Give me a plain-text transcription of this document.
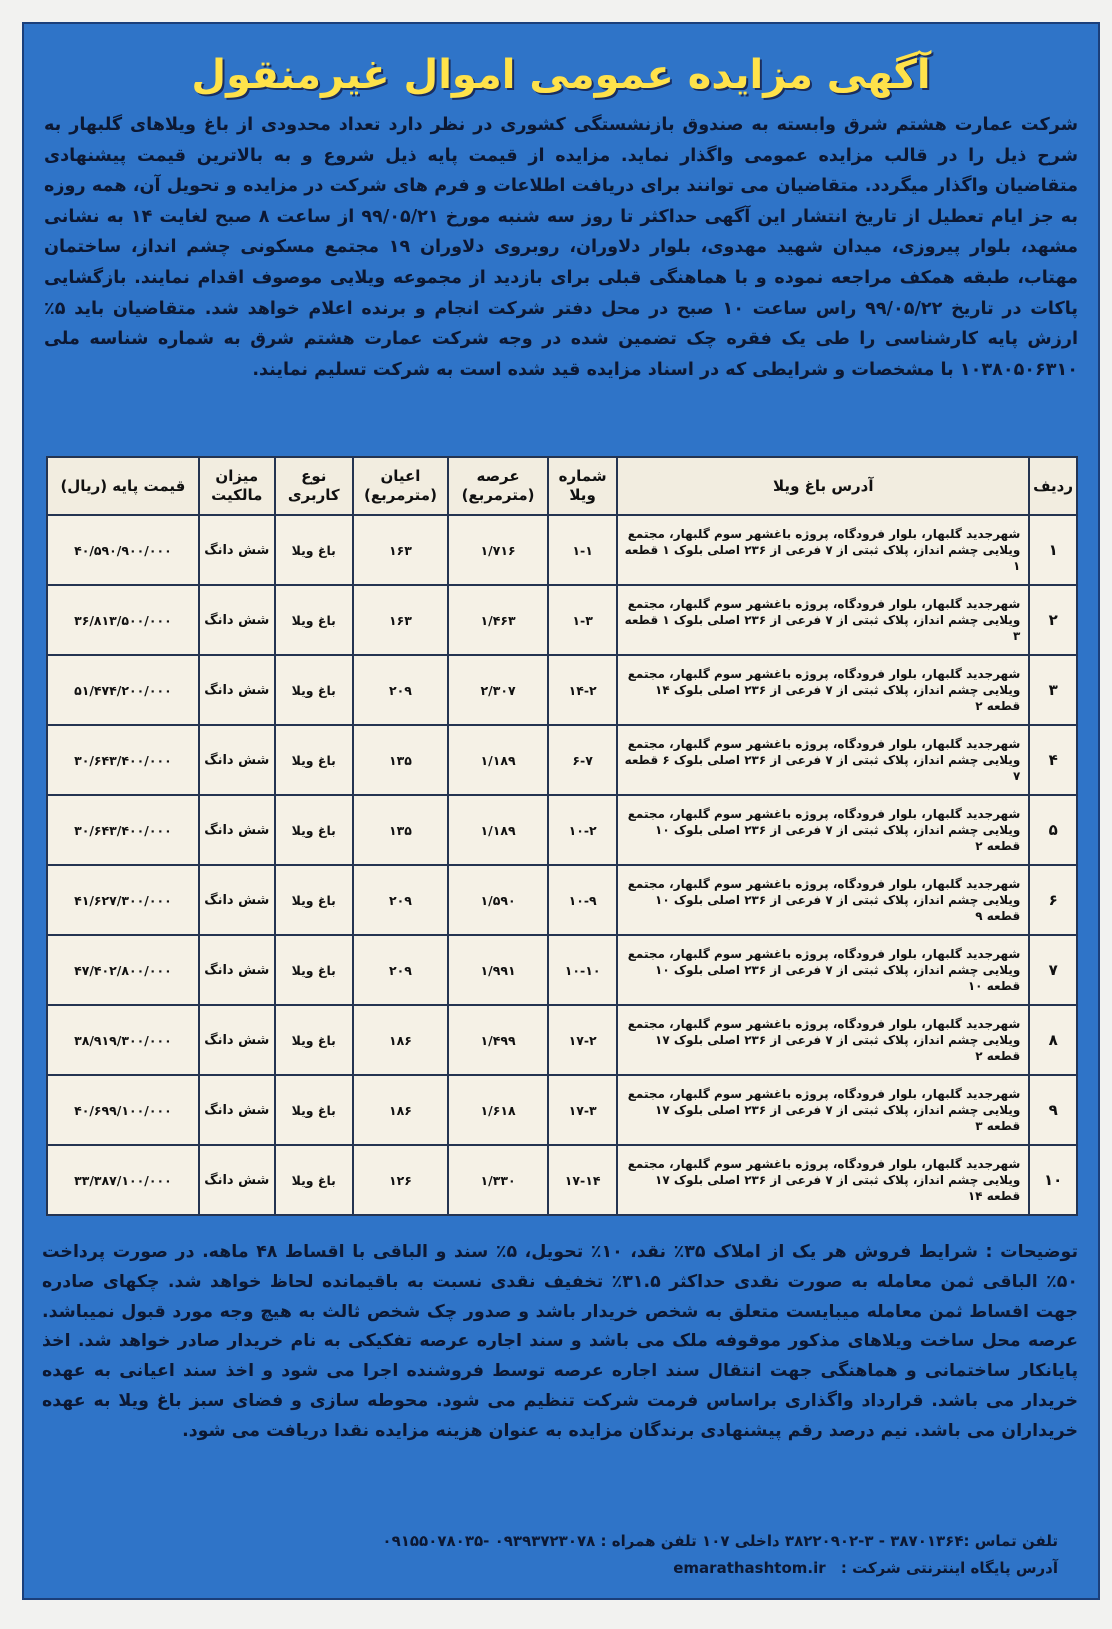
آگهی مزایده عمومی اموال غیرمنقول
شرکت عمارت هشتم شرق وابسته به صندوق بازنشستگی کشوری در نظر دارد تعداد محدودی از باغ ویلاهای گلبهار به شرح ذیل را در قالب مزایده عمومی واگذار نماید. مزایده از قیمت پایه ذیل شروع و به بالاترین قیمت پیشنهادی متقاضیان واگذار میگردد. متقاضیان می توانند برای دریافت اطلاعات و فرم های شرکت در مزایده و تحویل آن، همه روزه به جز ایام تعطیل از تاریخ انتشار این آگهی حداکثر تا روز سه شنبه مورخ ۹۹/۰۵/۲۱ از ساعت ۸ صبح لغایت ۱۴ به نشانی مشهد، بلوار پیروزی، میدان شهید مهدوی، بلوار دلاوران، روبروی دلاوران ۱۹ مجتمع مسکونی چشم انداز، ساختمان مهتاب، طبقه همکف مراجعه نموده و با هماهنگی قبلی برای بازدید از مجموعه ویلایی موصوف اقدام نمایند. بازگشایی پاکات در تاریخ ۹۹/۰۵/۲۲ راس ساعت ۱۰ صبح در محل دفتر شرکت انجام و برنده اعلام خواهد شد. متقاضیان باید ۵٪ ارزش پایه کارشناسی را طی یک فقره چک تضمین شده در وجه شرکت عمارت هشتم شرق به شماره شناسه ملی ۱۰۳۸۰۵۰۶۳۱۰ با مشخصات و شرایطی که در اسناد مزایده قید شده است به شرکت تسلیم نمایند.
ردیف	آدرس باغ ویلا	شماره ویلا	عرصه (مترمربع)	اعیان (مترمربع)	نوع کاربری	میزان مالکیت	قیمت پایه (ریال)
۱	شهرجدید گلبهار، بلوار فرودگاه، پروژه باغشهر سوم گلبهار، مجتمع ویلایی چشم انداز، پلاک ثبتی از ۷ فرعی از ۲۳۶ اصلی بلوک ۱ قطعه ۱	۱-۱	۱/۷۱۶	۱۶۳	باغ ویلا	شش دانگ	۴۰/۵۹۰/۹۰۰/۰۰۰
۲	شهرجدید گلبهار، بلوار فرودگاه، پروژه باغشهر سوم گلبهار، مجتمع ویلایی چشم انداز، پلاک ثبتی از ۷ فرعی از ۲۳۶ اصلی بلوک ۱ قطعه ۳	۱-۳	۱/۴۶۳	۱۶۳	باغ ویلا	شش دانگ	۳۶/۸۱۳/۵۰۰/۰۰۰
۳	شهرجدید گلبهار، بلوار فرودگاه، پروژه باغشهر سوم گلبهار، مجتمع ویلایی چشم انداز، پلاک ثبتی از ۷ فرعی از ۲۳۶ اصلی بلوک ۱۴ قطعه ۲	۱۴-۲	۲/۳۰۷	۲۰۹	باغ ویلا	شش دانگ	۵۱/۴۷۴/۲۰۰/۰۰۰
۴	شهرجدید گلبهار، بلوار فرودگاه، پروژه باغشهر سوم گلبهار، مجتمع ویلایی چشم انداز، پلاک ثبتی از ۷ فرعی از ۲۳۶ اصلی بلوک ۶ قطعه ۷	۶-۷	۱/۱۸۹	۱۳۵	باغ ویلا	شش دانگ	۳۰/۶۴۳/۴۰۰/۰۰۰
۵	شهرجدید گلبهار، بلوار فرودگاه، پروژه باغشهر سوم گلبهار، مجتمع ویلایی چشم انداز، پلاک ثبتی از ۷ فرعی از ۲۳۶ اصلی بلوک ۱۰ قطعه ۲	۱۰-۲	۱/۱۸۹	۱۳۵	باغ ویلا	شش دانگ	۳۰/۶۴۳/۴۰۰/۰۰۰
۶	شهرجدید گلبهار، بلوار فرودگاه، پروژه باغشهر سوم گلبهار، مجتمع ویلایی چشم انداز، پلاک ثبتی از ۷ فرعی از ۲۳۶ اصلی بلوک ۱۰ قطعه ۹	۱۰-۹	۱/۵۹۰	۲۰۹	باغ ویلا	شش دانگ	۴۱/۶۲۷/۳۰۰/۰۰۰
۷	شهرجدید گلبهار، بلوار فرودگاه، پروژه باغشهر سوم گلبهار، مجتمع ویلایی چشم انداز، پلاک ثبتی از ۷ فرعی از ۲۳۶ اصلی بلوک ۱۰ قطعه ۱۰	۱۰-۱۰	۱/۹۹۱	۲۰۹	باغ ویلا	شش دانگ	۴۷/۴۰۲/۸۰۰/۰۰۰
۸	شهرجدید گلبهار، بلوار فرودگاه، پروژه باغشهر سوم گلبهار، مجتمع ویلایی چشم انداز، پلاک ثبتی از ۷ فرعی از ۲۳۶ اصلی بلوک ۱۷ قطعه ۲	۱۷-۲	۱/۴۹۹	۱۸۶	باغ ویلا	شش دانگ	۳۸/۹۱۹/۳۰۰/۰۰۰
۹	شهرجدید گلبهار، بلوار فرودگاه، پروژه باغشهر سوم گلبهار، مجتمع ویلایی چشم انداز، پلاک ثبتی از ۷ فرعی از ۲۳۶ اصلی بلوک ۱۷ قطعه ۳	۱۷-۳	۱/۶۱۸	۱۸۶	باغ ویلا	شش دانگ	۴۰/۶۹۹/۱۰۰/۰۰۰
۱۰	شهرجدید گلبهار، بلوار فرودگاه، پروژه باغشهر سوم گلبهار، مجتمع ویلایی چشم انداز، پلاک ثبتی از ۷ فرعی از ۲۳۶ اصلی بلوک ۱۷ قطعه ۱۴	۱۷-۱۴	۱/۳۳۰	۱۲۶	باغ ویلا	شش دانگ	۳۳/۳۸۷/۱۰۰/۰۰۰
توضیحات : شرایط فروش هر یک از املاک ۳۵٪ نقد، ۱۰٪ تحویل، ۵٪ سند و الباقی با اقساط ۴۸ ماهه. در صورت پرداخت ۵۰٪ الباقی ثمن معامله به صورت نقدی حداکثر ۳۱.۵٪ تخفیف نقدی نسبت به باقیمانده لحاظ خواهد شد. چکهای صادره جهت اقساط ثمن معامله میبایست متعلق به شخص خریدار باشد و صدور چک شخص ثالث به هیچ وجه مورد قبول نمیباشد. عرصه محل ساخت ویلاهای مذکور موقوفه ملک می باشد و سند اجاره عرصه تفکیکی به نام خریدار صادر خواهد شد. اخذ پایانکار ساختمانی و هماهنگی جهت انتقال سند اجاره عرصه توسط فروشنده اجرا می شود و اخذ سند اعیانی به عهده خریدار می باشد. قرارداد واگذاری براساس فرمت شرکت تنظیم می شود. محوطه سازی و فضای سبز باغ ویلا به عهده خریداران می باشد. نیم درصد رقم پیشنهادی برندگان مزایده به عنوان هزینه مزایده نقدا دریافت می شود.
تلفن تماس :۳۸۷۰۱۳۶۴ - ۳-۳۸۲۲۰۹۰۲ داخلی ۱۰۷ تلفن همراه : ۰۹۳۹۳۷۲۳۰۷۸ -۰۹۱۵۵۰۷۸۰۳۵
آدرس پایگاه اینترنتی شرکت : emarathashtom.ir
